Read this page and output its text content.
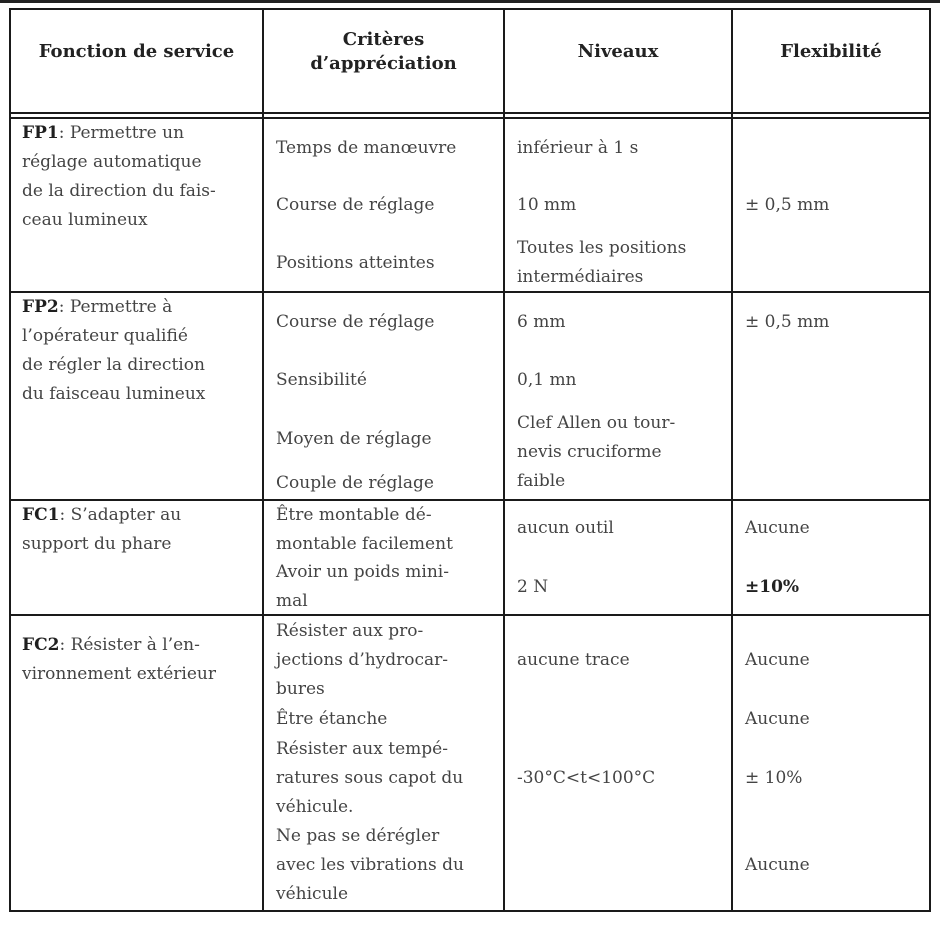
Fonction de service
Critères
d’appréciation
Niveaux	Flexibilité
FP1: Permettre un
réglage automatique
de la direction du fais-
ceau lumineux
Temps de manœuvre
Course de réglage
Positions atteintes
inférieur à 1 s
10 mm
Toutes les positions
intermédiaires
± 0,5 mm
FP2: Permettre à
l’opérateur qualifié
de régler la direction
du faisceau lumineux
Course de réglage
Sensibilité
Moyen de réglage
Couple de réglage
6 mm
0,1 mn
Clef Allen ou tour-
nevis cruciforme
faible
± 0,5 mm
FC1: S’adapter au
support du phare
Être montable dé-
montable facilement
Avoir un poids mini-
mal
aucun outil
2 N
Aucune
±10%
FC2: Résister à l’en-
vironnement extérieur
Résister aux pro-
jections d’hydrocar-
bures
Être étanche
Résister aux tempé-
ratures sous capot du
véhicule.
Ne pas se dérégler
avec les vibrations du
véhicule
aucune trace
-30°C<t<100°C
Aucune
Aucune
± 10%
Aucune
